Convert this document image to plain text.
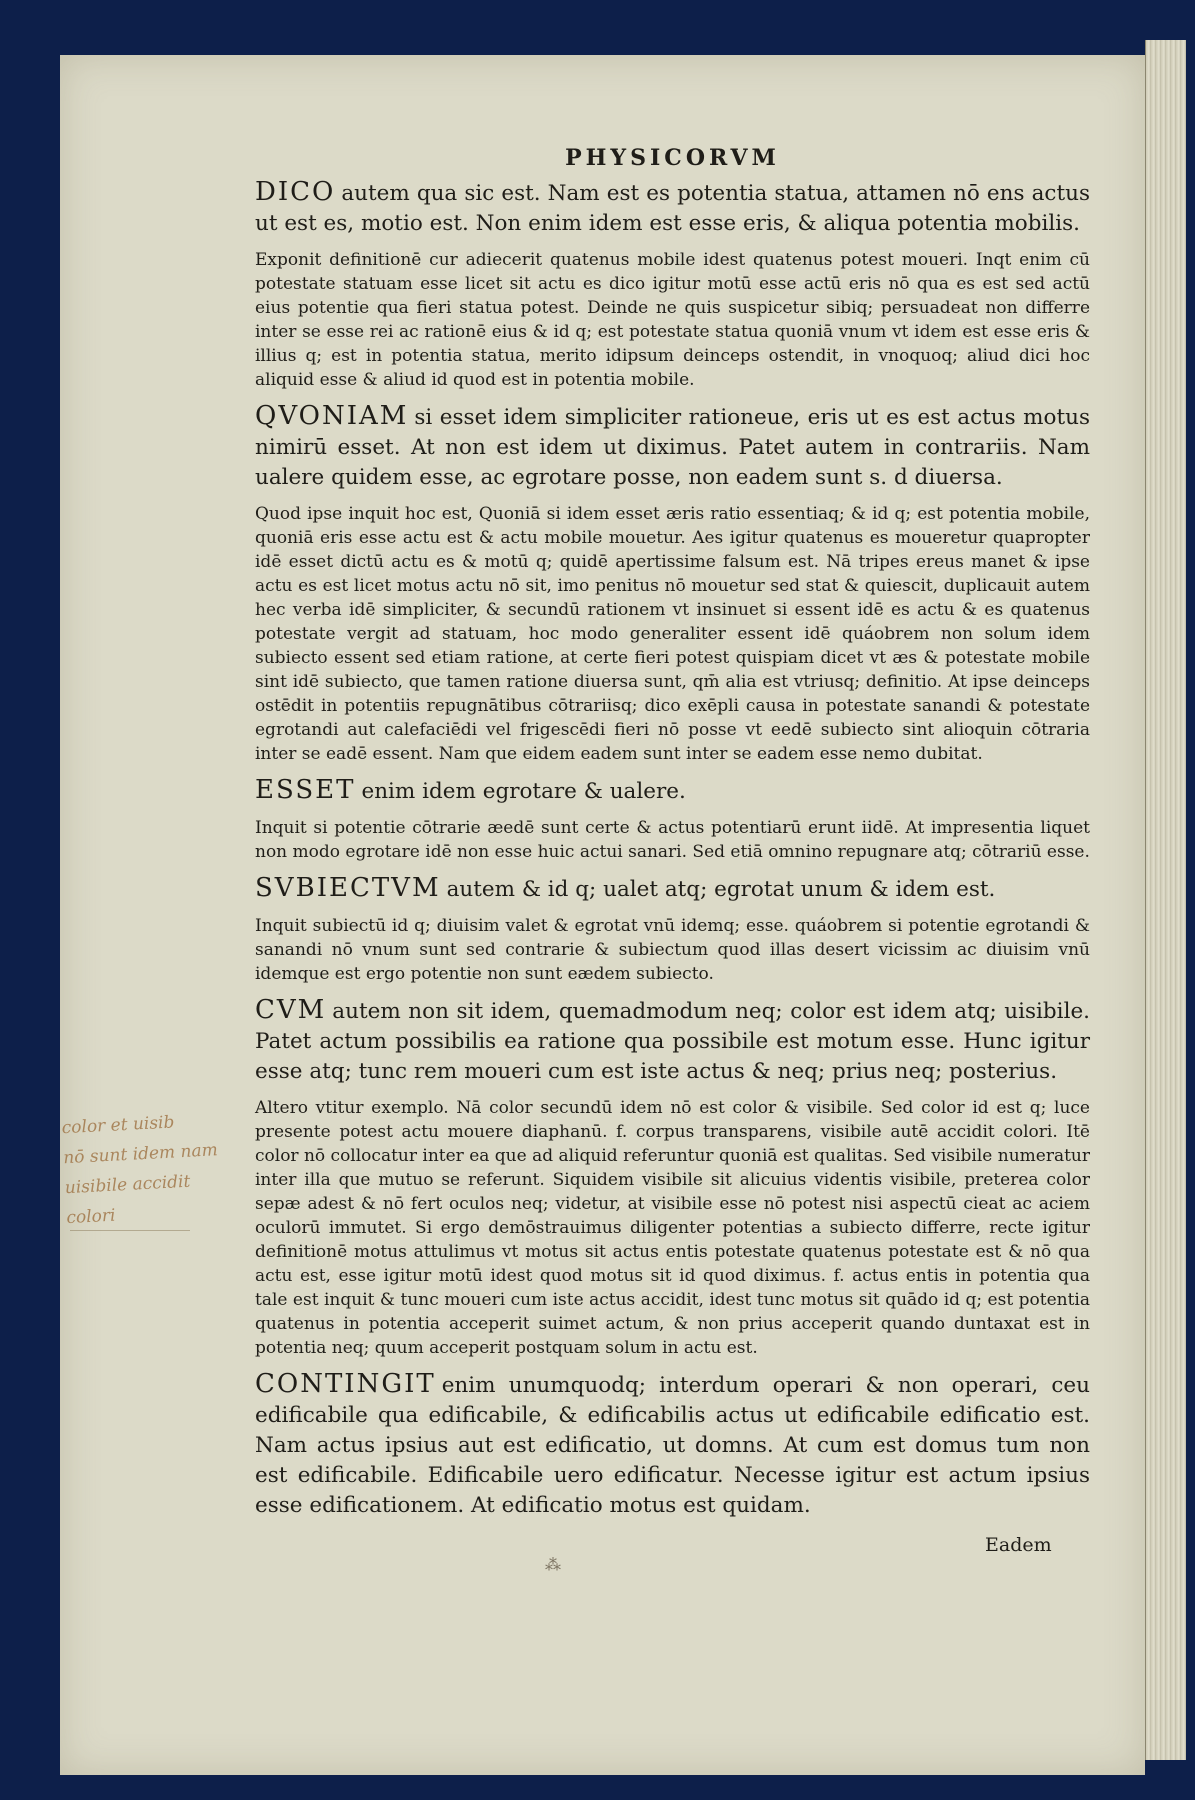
color et uisib
nō sunt idem nam
uisibile accidit
colori
PHYSICORVM
DICO autem qua sic est. Nam est es potentia statua, attamen nō ens actus ut est es, motio est. Non enim idem est esse eris, & aliqua potentia mobilis.
Exponit definitionē cur adiecerit quatenus mobile idest quatenus potest moueri. Inqt enim cū potestate statuam esse licet sit actu es dico igitur motū esse actū eris nō qua es est sed actū eius potentie qua fieri statua potest. Deinde ne quis suspicetur sibiq; persuadeat non differre inter se esse rei ac rationē eius & id q; est potestate statua quoniā vnum vt idem est esse eris & illius q; est in potentia statua, merito idipsum deinceps ostendit, in vnoquoq; aliud dici hoc aliquid esse & aliud id quod est in potentia mobile.
QVONIAM si esset idem simpliciter rationeue, eris ut es est actus motus nimirū esset. At non est idem ut diximus. Patet autem in contrariis. Nam ualere quidem esse, ac egrotare posse, non eadem sunt s. d diuersa.
Quod ipse inquit hoc est, Quoniā si idem esset æris ratio essentiaq; & id q; est potentia mobile, quoniā eris esse actu est & actu mobile mouetur. Aes igitur quatenus es moueretur quapropter idē esset dictū actu es & motū q; quidē apertissime falsum est. Nā tripes ereus manet & ipse actu es est licet motus actu nō sit, imo penitus nō mouetur sed stat & quiescit, duplicauit autem hec verba idē simpliciter, & secundū rationem vt insinuet si essent idē es actu & es quatenus potestate vergit ad statuam, hoc modo generaliter essent idē quáobrem non solum idem subiecto essent sed etiam ratione, at certe fieri potest quispiam dicet vt æs & potestate mobile sint idē subiecto, que tamen ratione diuersa sunt, qm̄ alia est vtriusq; definitio. At ipse deinceps ostēdit in potentiis repugnātibus cōtrariisq; dico exēpli causa in potestate sanandi & potestate egrotandi aut calefaciēdi vel frigescēdi fieri nō posse vt eedē subiecto sint alioquin cōtraria inter se eadē essent. Nam que eidem eadem sunt inter se eadem esse nemo dubitat.
ESSET enim idem egrotare & ualere.
Inquit si potentie cōtrarie æedē sunt certe & actus potentiarū erunt iidē. At impresentia liquet non modo egrotare idē non esse huic actui sanari. Sed etiā omnino repugnare atq; cōtrariū esse.
SVBIECTVM autem & id q; ualet atq; egrotat unum & idem est.
Inquit subiectū id q; diuisim valet & egrotat vnū idemq; esse. quáobrem si potentie egrotandi & sanandi nō vnum sunt sed contrarie & subiectum quod illas desert vicissim ac diuisim vnū idemque est ergo potentie non sunt eædem subiecto.
CVM autem non sit idem, quemadmodum neq; color est idem atq; uisibile. Patet actum possibilis ea ratione qua possibile est motum esse. Hunc igitur esse atq; tunc rem moueri cum est iste actus & neq; prius neq; posterius.
Altero vtitur exemplo. Nā color secundū idem nō est color & visibile. Sed color id est q; luce presente potest actu mouere diaphanū. f. corpus transparens, visibile autē accidit colori. Itē color nō collocatur inter ea que ad aliquid referuntur quoniā est qualitas. Sed visibile numeratur inter illa que mutuo se referunt. Siquidem visibile sit alicuius videntis visibile, preterea color sepæ adest & nō fert oculos neq; videtur, at visibile esse nō potest nisi aspectū cieat ac aciem oculorū immutet. Si ergo demōstrauimus diligenter potentias a subiecto differre, recte igitur definitionē motus attulimus vt motus sit actus entis potestate quatenus potestate est & nō qua actu est, esse igitur motū idest quod motus sit id quod diximus. f. actus entis in potentia qua tale est inquit & tunc moueri cum iste actus accidit, idest tunc motus sit quādo id q; est potentia quatenus in potentia acceperit suimet actum, & non prius acceperit quando duntaxat est in potentia neq; quum acceperit postquam solum in actu est.
CONTINGIT enim unumquodq; interdum operari & non operari, ceu edificabile qua edificabile, & edificabilis actus ut edificabile edificatio est. Nam actus ipsius aut est edificatio, ut domns. At cum est domus tum non est edificabile. Edificabile uero edificatur. Necesse igitur est actum ipsius esse edificationem. At edificatio motus est quidam.
⁂
Eadem
